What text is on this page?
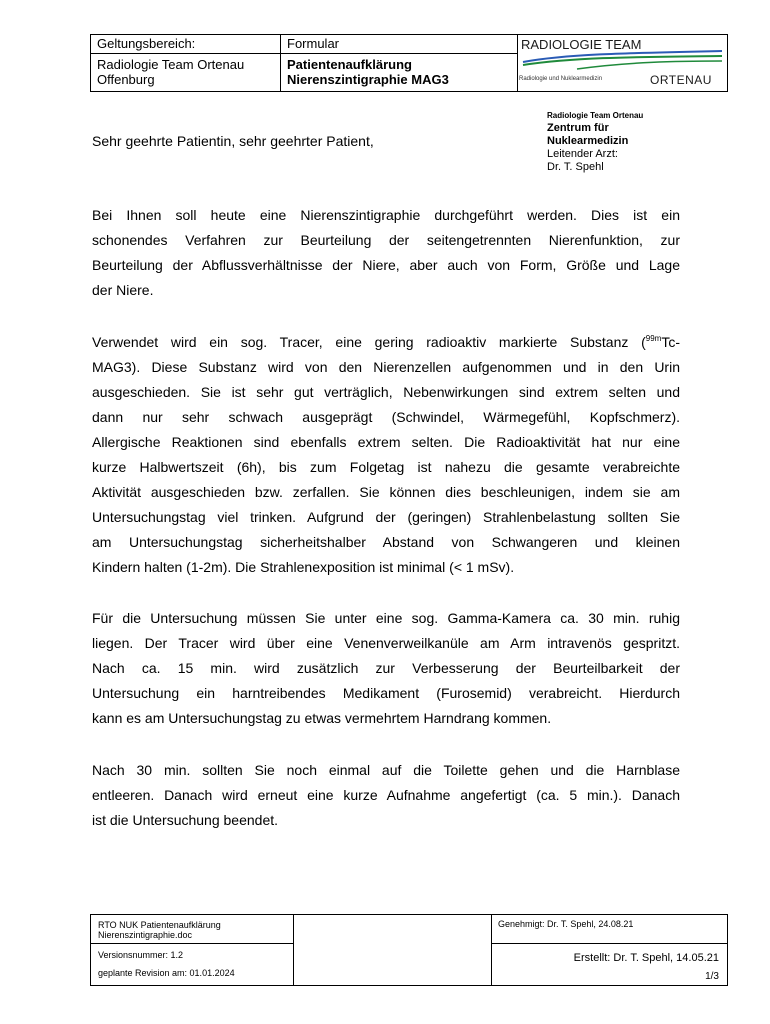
Geltungsbereich:	Formular
Radiologie Team Ortenau
Offenburg
Patientenaufklärung
Nierenszintigraphie MAG3
RADIOLOGIE TEAM
Radiologie und Nuklearmedizin	ORTENAU
Radiologie Team Ortenau
Zentrum für
Nuklearmedizin
Leitender Arzt:
Dr. T. Spehl
Sehr geehrte Patientin, sehr geehrter Patient,
Bei Ihnen soll heute eine Nierenszintigraphie durchgeführt werden. Dies ist ein
schonendes Verfahren zur Beurteilung der seitengetrennten Nierenfunktion, zur
Beurteilung der Abflussverhältnisse der Niere, aber auch von Form, Größe und Lage
der Niere.
Verwendet wird ein sog. Tracer, eine gering radioaktiv markierte Substanz ($^{99m}$Tc-
MAG3). Diese Substanz wird von den Nierenzellen aufgenommen und in den Urin
ausgeschieden. Sie ist sehr gut verträglich, Nebenwirkungen sind extrem selten und
dann nur sehr schwach ausgeprägt (Schwindel, Wärmegefühl, Kopfschmerz).
Allergische Reaktionen sind ebenfalls extrem selten. Die Radioaktivität hat nur eine
kurze Halbwertszeit (6h), bis zum Folgetag ist nahezu die gesamte verabreichte
Aktivität ausgeschieden bzw. zerfallen. Sie können dies beschleunigen, indem sie am
Untersuchungstag viel trinken. Aufgrund der (geringen) Strahlenbelastung sollten Sie
am Untersuchungstag sicherheitshalber Abstand von Schwangeren und kleinen
Kindern halten (1-2m). Die Strahlenexposition ist minimal (< 1 mSv).
Für die Untersuchung müssen Sie unter eine sog. Gamma-Kamera ca. 30 min. ruhig
liegen. Der Tracer wird über eine Venenverweilkanüle am Arm intravenös gespritzt.
Nach ca. 15 min. wird zusätzlich zur Verbesserung der Beurteilbarkeit der
Untersuchung ein harntreibendes Medikament (Furosemid) verabreicht. Hierdurch
kann es am Untersuchungstag zu etwas vermehrtem Harndrang kommen.
Nach 30 min. sollten Sie noch einmal auf die Toilette gehen und die Harnblase
entleeren. Danach wird erneut eine kurze Aufnahme angefertigt (ca. 5 min.). Danach
ist die Untersuchung beendet.
RTO NUK Patientenaufklärung
Nierenszintigraphie.doc
Versionsnummer: 1.2
geplante Revision am: 01.01.2024
Genehmigt: Dr. T. Spehl, 24.08.21
Erstellt: Dr. T. Spehl, 14.05.21
1/3
